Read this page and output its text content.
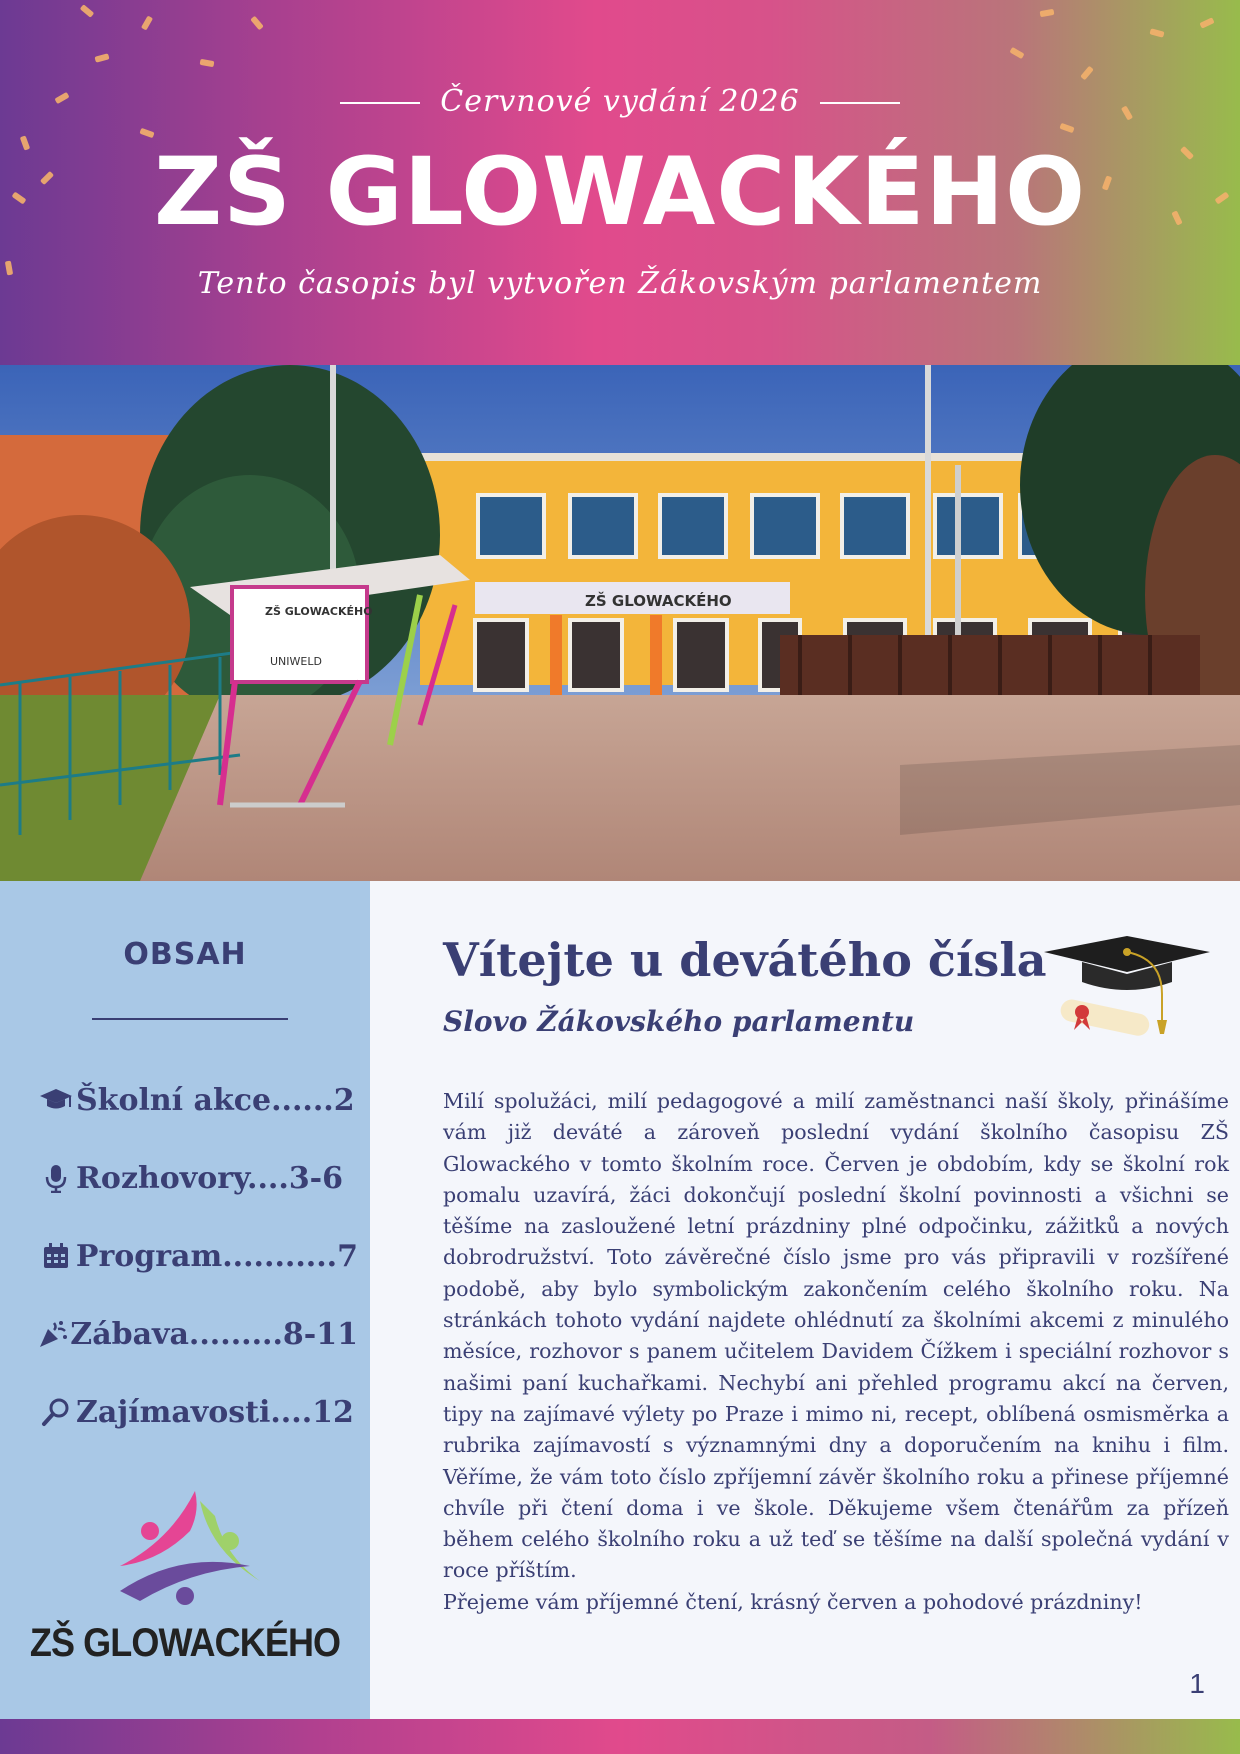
Červnové vydání 2026
ZŠ GLOWACKÉHO
Tento časopis byl vytvořen Žákovským parlamentem
ZŠ GLOWACKÉHO
ZŠ GLOWACKÉHO
UNIWELD
OBSAH
Školní akce......2
Rozhovory....3-6
Program...........7
Zábava.........8-11
Zajímavosti....12
ZŠ GLOWACKÉHO
Vítejte u devátého čísla
Slovo Žákovského parlamentu

Milí spolužáci, milí pedagogové a milí zaměstnanci naší školy, přinášíme vám již deváté a zároveň poslední vydání školního časopisu ZŠ Glowackého v tomto školním roce. Červen je obdobím, kdy se školní rok pomalu uzavírá, žáci dokončují poslední školní povinnosti a všichni se těšíme na zasloužené letní prázdniny plné odpočinku, zážitků a nových dobrodružství. Toto závěrečné číslo jsme pro vás připravili v rozšířené podobě, aby bylo symbolickým zakončením celého školního roku. Na stránkách tohoto vydání najdete ohlédnutí za školními akcemi z minulého měsíce, rozhovor s panem učitelem Davidem Čížkem i speciální rozhovor s našimi paní kuchařkami. Nechybí ani přehled programu akcí na červen, tipy na zajímavé výlety po Praze i mimo ni, recept, oblíbená osmisměrka a rubrika zajímavostí s významnými dny a doporučením na knihu i film. Věříme, že vám toto číslo zpříjemní závěr školního roku a přinese příjemné chvíle při čtení doma i ve škole. Děkujeme všem čtenářům za přízeň během celého školního roku a už teď se těšíme na další společná vydání v roce příštím.

Přejeme vám příjemné čtení, krásný červen a pohodové prázdniny!

1
